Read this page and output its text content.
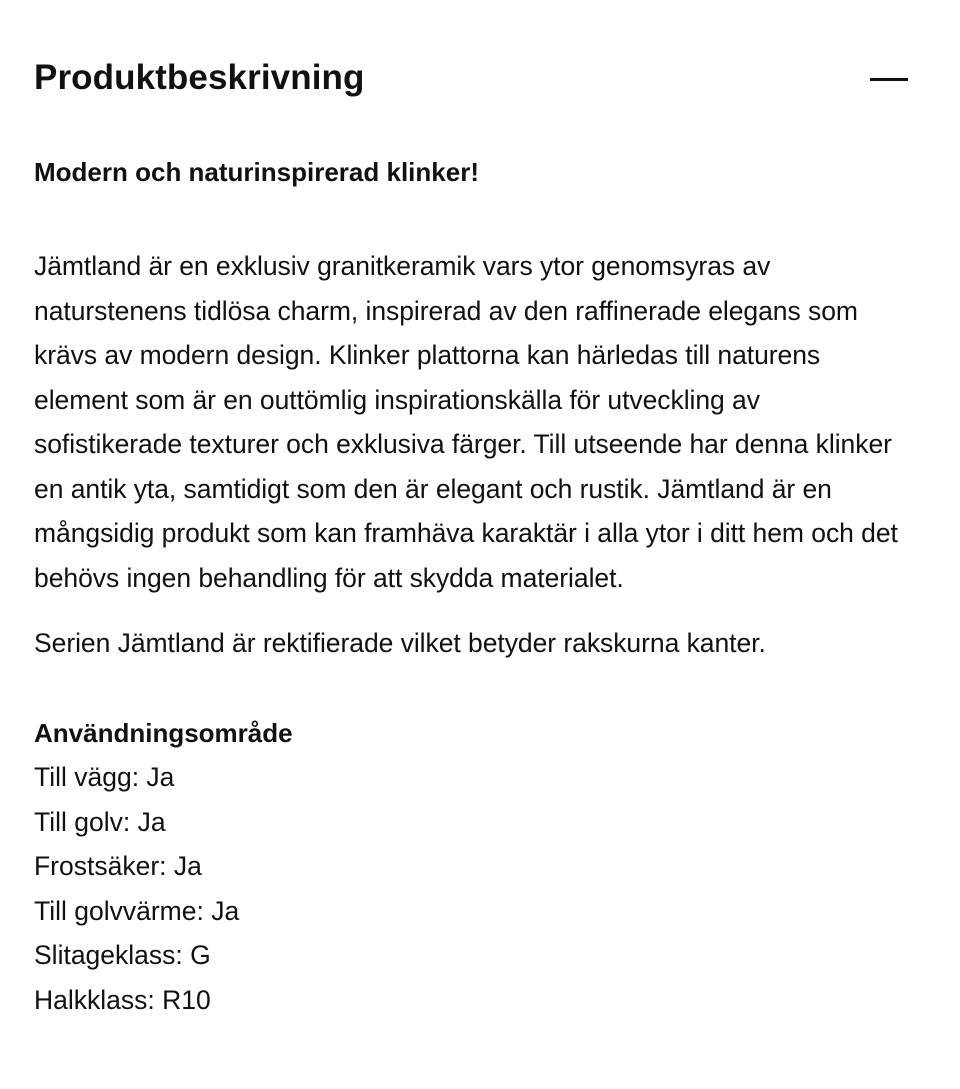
Produktbeskrivning

Modern och naturinspirerad klinker!

Jämtland är en exklusiv granitkeramik vars ytor genomsyras av naturstenens tidlösa charm, inspirerad av den raffinerade elegans som krävs av modern design. Klinker plattorna kan härledas till naturens element som är en outtömlig inspirationskälla för utveckling av sofistikerade texturer och exklusiva färger. Till utseende har denna klinker en antik yta, samtidigt som den är elegant och rustik. Jämtland är en mångsidig produkt som kan framhäva karaktär i alla ytor i ditt hem och det behövs ingen behandling för att skydda materialet.

Serien Jämtland är rektifierade vilket betyder rakskurna kanter.

Användningsområde
Till vägg: Ja
Till golv: Ja
Frostsäker: Ja
Till golvvärme: Ja
Slitageklass: G
Halkklass: R10
